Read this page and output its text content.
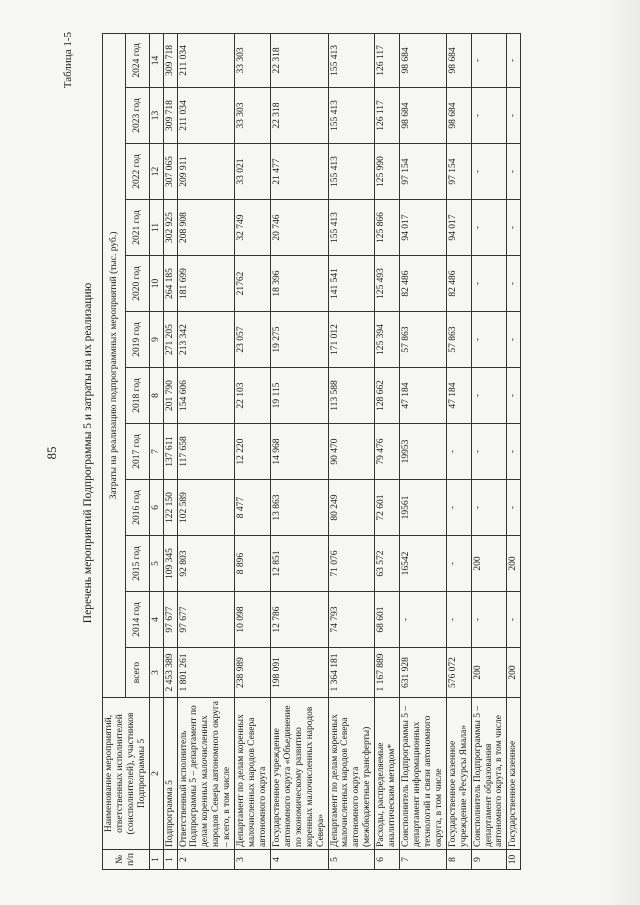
85
Таблица 1-5
Перечень мероприятий Подпрограммы 5 и затраты на их реализацию
№ п/п	Наименование мероприятий, ответственных исполнителей (соисполнителей), участников Подпрограммы 5	Затраты на реализацию подпрограммных мероприятий (тыс. руб.)											
		всего	2014 год	2015 год	2016 год	2017 год	2018 год	2019 год	2020 год	2021 год	2022 год	2023 год	2024 год
1	2	3	4	5	6	7	8	9	10	11	12	13	14
1	Подпрограмма 5	2 453 389	97 677	109 345	122 150	137 611	201 790	271 205	264 185	302 925	307 065	309 718	309 718
2	Ответственный исполнитель Подпрограммы 5 – департамент по делам коренных малочисленных народов Севера автономного округа – всего, в том числе	1 801 261	97 677	92 803	102 589	117 658	154 606	213 342	181 699	208 908	209 911	211 034	211 034
3	Департамент по делам коренных малочисленных народов Севера автономного округа	238 989	10 098	8 896	8 477	12 220	22 103	23 057	21762	32 749	33 021	33 303	33 303
4	Государственное учреждение автономного округа «Объединение по экономическому развитию коренных малочисленных народов Севера»	198 091	12 786	12 851	13 863	14 968	19 115	19 275	18 396	20 746	21 477	22 318	22 318
5	Департамент по делам коренных малочисленных народов Севера автономного округа (межбюджетные трансферты)	1 364 181	74 793	71 076	80 249	90 470	113 588	171 012	141 541	155 413	155 413	155 413	155 413
6	Расходы, распределяемые аналитическим методом*	1 167 889	68 601	63 572	72 601	79 476	128 662	125 394	125 493	125 866	125 990	126 117	126 117
7	Соисполнитель Подпрограммы 5 – департамент информационных технологий и связи автономного округа, в том числе	631 928	-	16542	19561	19953	47 184	57 863	82 486	94 017	97 154	98 684	98 684
8	Государственное казенное учреждение «Ресурсы Ямала»	576 072	-	-	-	-	47 184	57 863	82 486	94 017	97 154	98 684	98 684
9	Соисполнитель Подпрограммы 5 – департамент образования автономного округа, в том числе	200	-	200	-	-	-	-	-	-	-	-	-
10	Государственное казенное	200	-	200	-	-	-	-	-	-	-	-	-
